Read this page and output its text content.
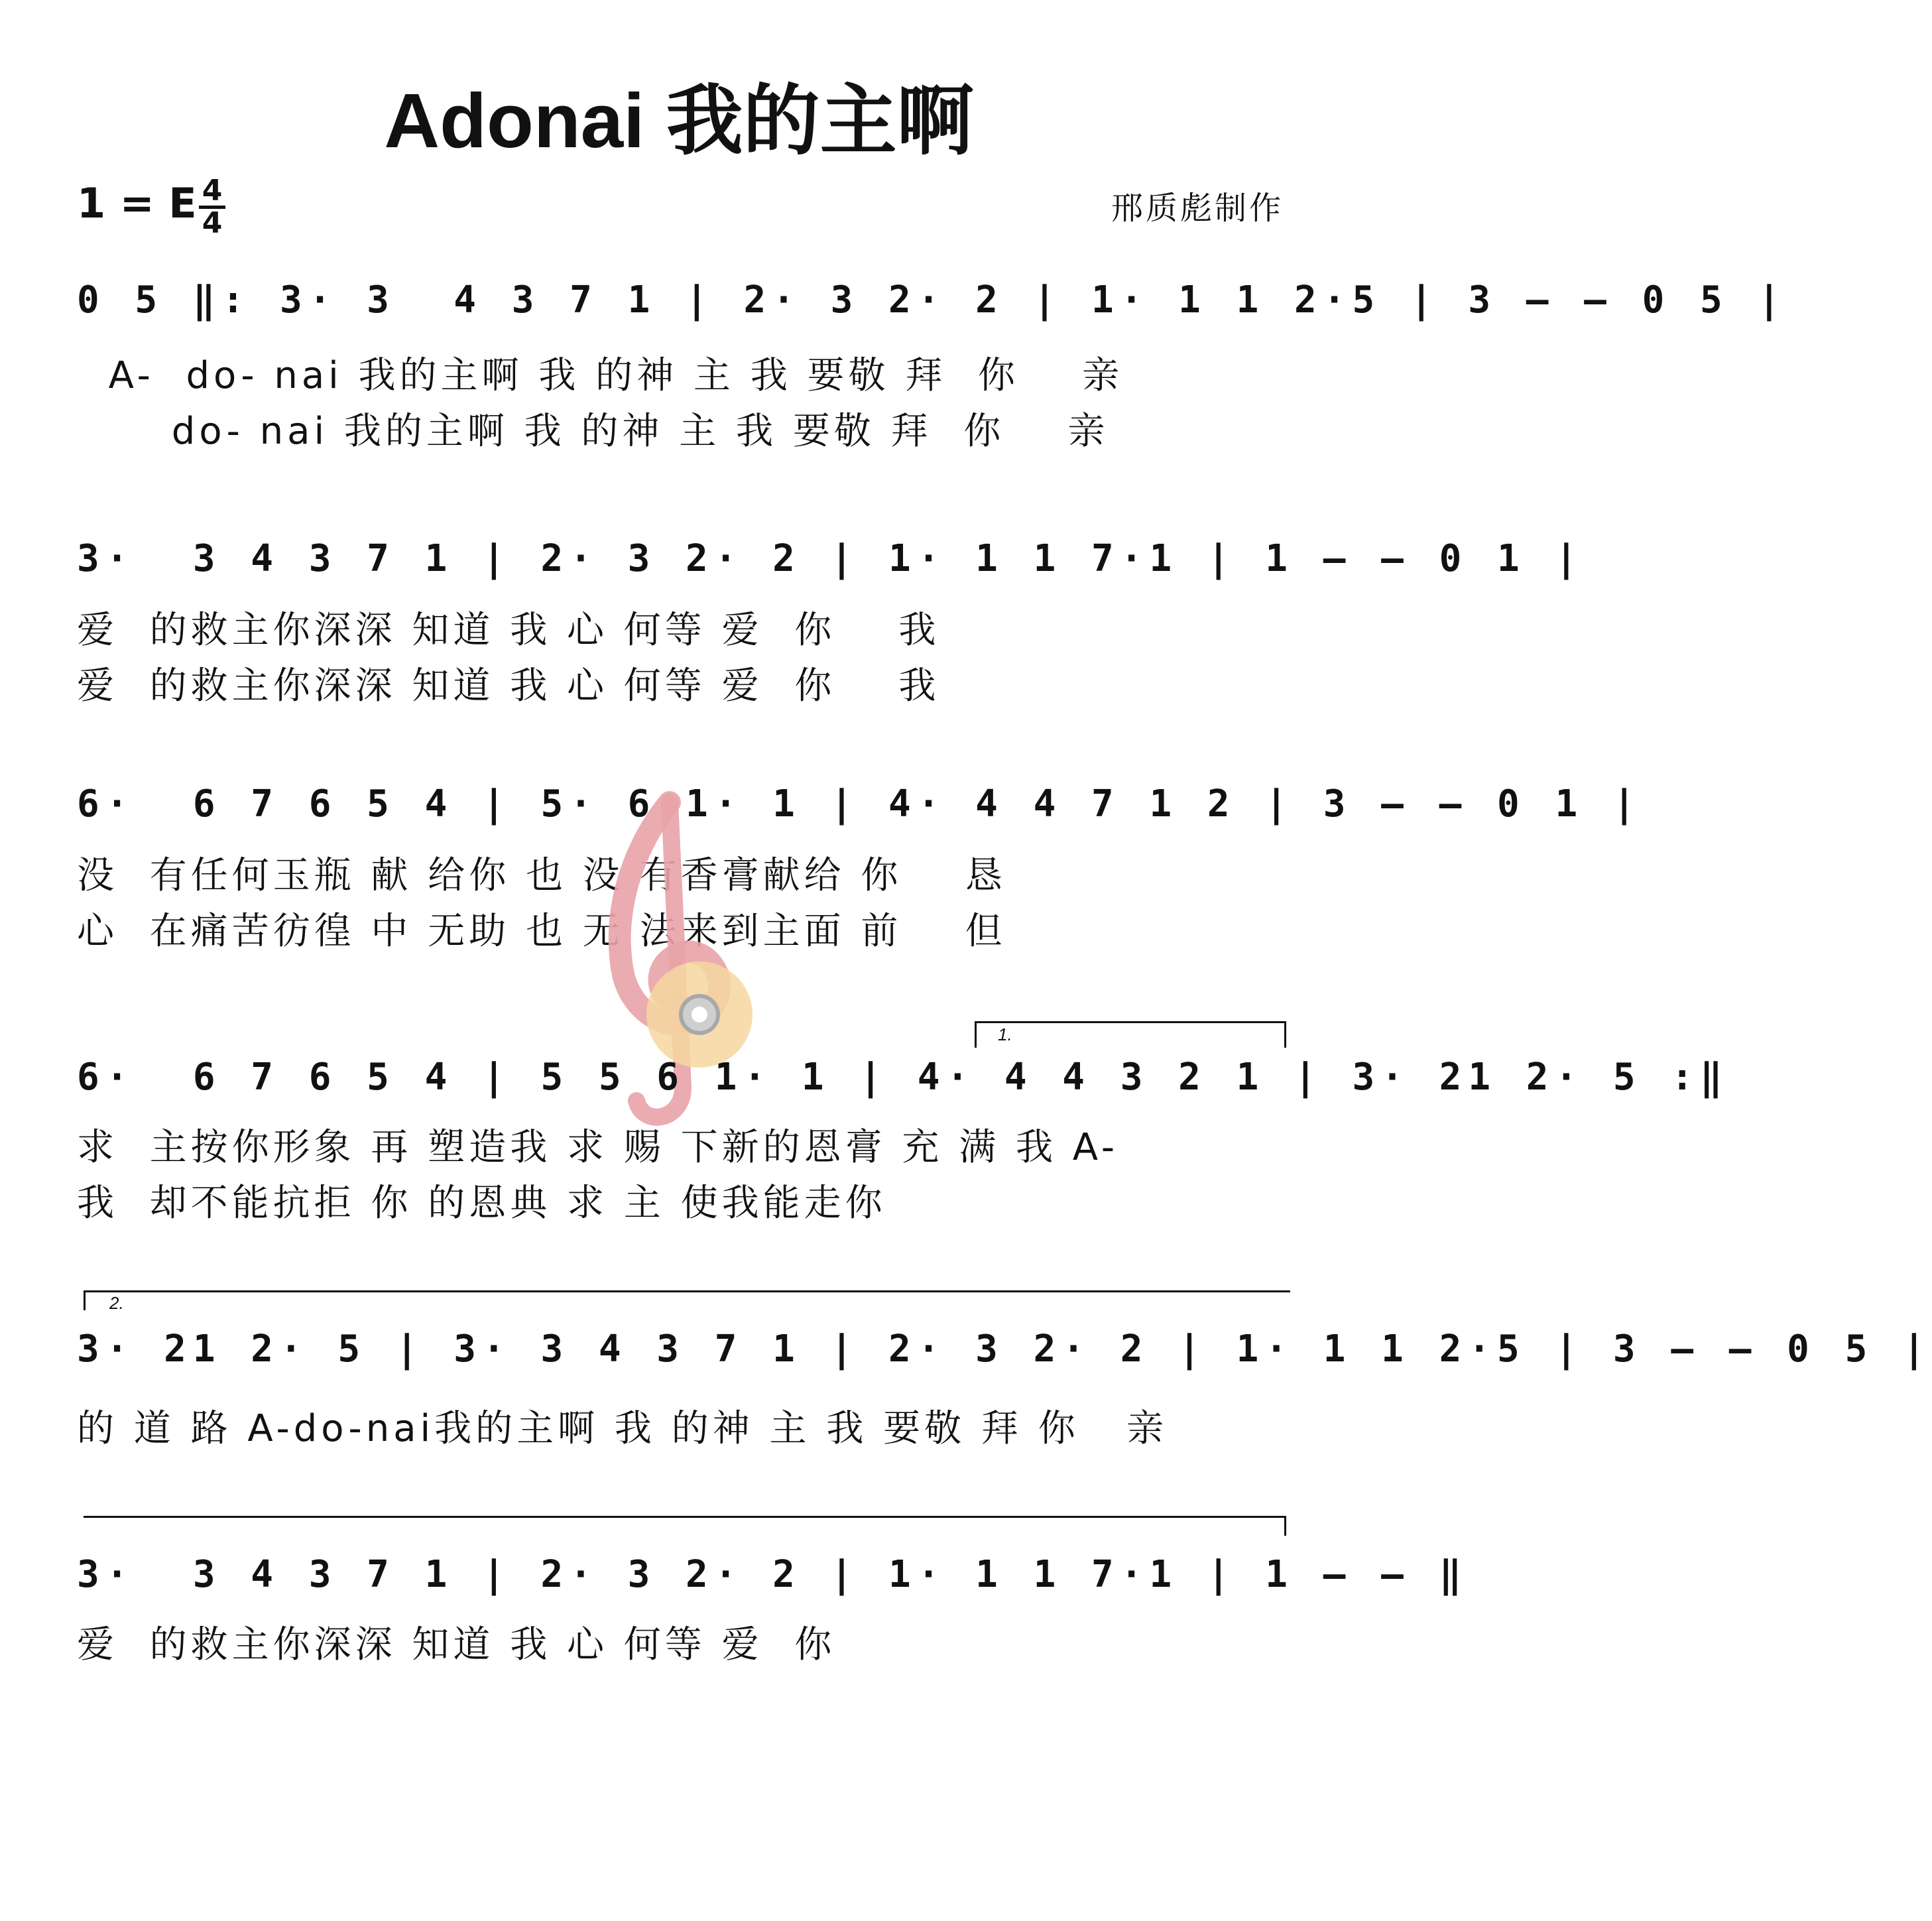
Adonai 我的主啊
1 = E $\frac{4}{4}$	邢质彪制作
0 5 ‖: 3· 3  4 3 7 1 | 2· 3 2· 2 | 1· 1 1 2·5 | 3 – – 0 5 |
A-  do- nai 我的主啊 我 的神 主 我 要敬 拜  你    亲
do- nai 我的主啊 我 的神 主 我 要敬 拜  你    亲
3·  3 4 3 7 1 | 2· 3 2· 2 | 1· 1 1 7·1 | 1 – – 0 1 |
爱  的救主你深深 知道 我 心 何等 爱  你    我
爱  的救主你深深 知道 我 心 何等 爱  你    我
6·  6 7 6 5 4 | 5· 6 1· 1 | 4· 4 4 7 1 2 | 3 – – 0 1 |
没  有任何玉瓶 献 给你 也 没 有香膏献给 你    恳
心  在痛苦彷徨 中 无助 也 无 法来到主面 前    但
1.
6·  6 7 6 5 4 | 5 5 6 1· 1 | 4· 4 4 3 2 1 | 3· 21 2· 5 :‖
求  主按你形象 再 塑造我 求 赐 下新的恩膏 充 满 我 A-
我  却不能抗拒 你 的恩典 求 主 使我能走你
2.
3· 21 2· 5 | 3· 3 4 3 7 1 | 2· 3 2· 2 | 1· 1 1 2·5 | 3 – – 0 5 |
的 道 路 A-do-nai我的主啊 我 的神 主 我 要敬 拜 你   亲
3·  3 4 3 7 1 | 2· 3 2· 2 | 1· 1 1 7·1 | 1 – – ‖
爱  的救主你深深 知道 我 心 何等 爱  你
